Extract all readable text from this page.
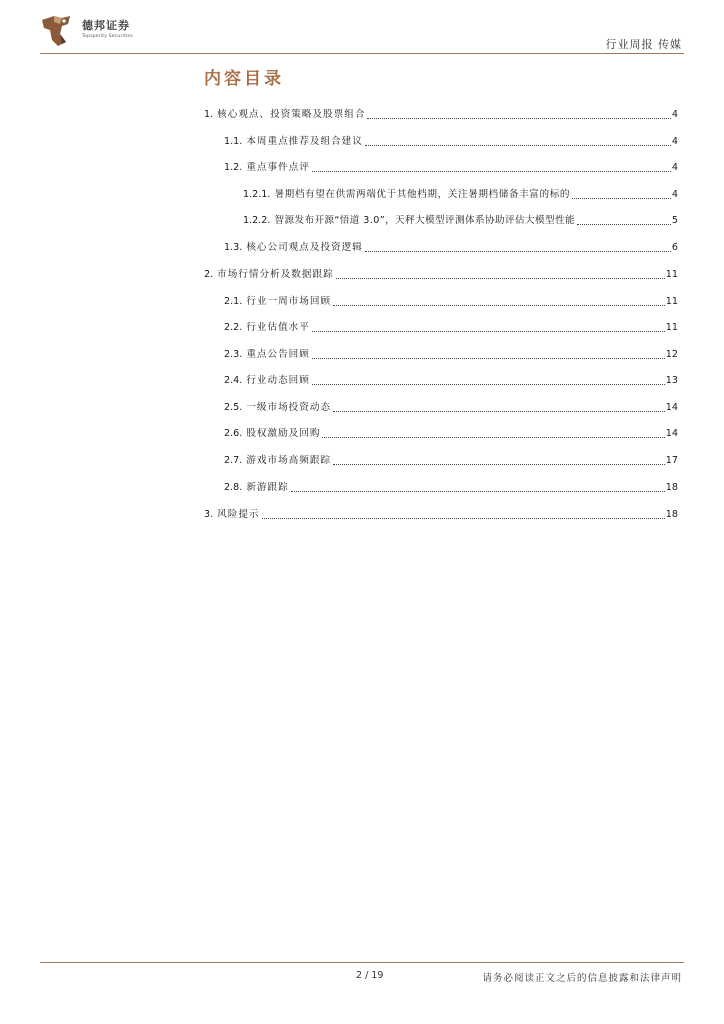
德邦证券
Topsperity Securities
行业周报 传媒
内容目录
1. 核心观点、投资策略及股票组合	4
1.1. 本周重点推荐及组合建议	4
1.2. 重点事件点评	4
1.2.1. 暑期档有望在供需两端优于其他档期，关注暑期档储备丰富的标的	4
1.2.2. 智源发布开源“悟道 3.0”，天秤大模型评测体系协助评估大模型性能	5
1.3. 核心公司观点及投资逻辑	6
2. 市场行情分析及数据跟踪	11
2.1. 行业一周市场回顾	11
2.2. 行业估值水平	11
2.3. 重点公告回顾	12
2.4. 行业动态回顾	13
2.5. 一级市场投资动态	14
2.6. 股权激励及回购	14
2.7. 游戏市场高频跟踪	17
2.8. 新游跟踪	18
3. 风险提示	18
2 / 19	请务必阅读正文之后的信息披露和法律声明
